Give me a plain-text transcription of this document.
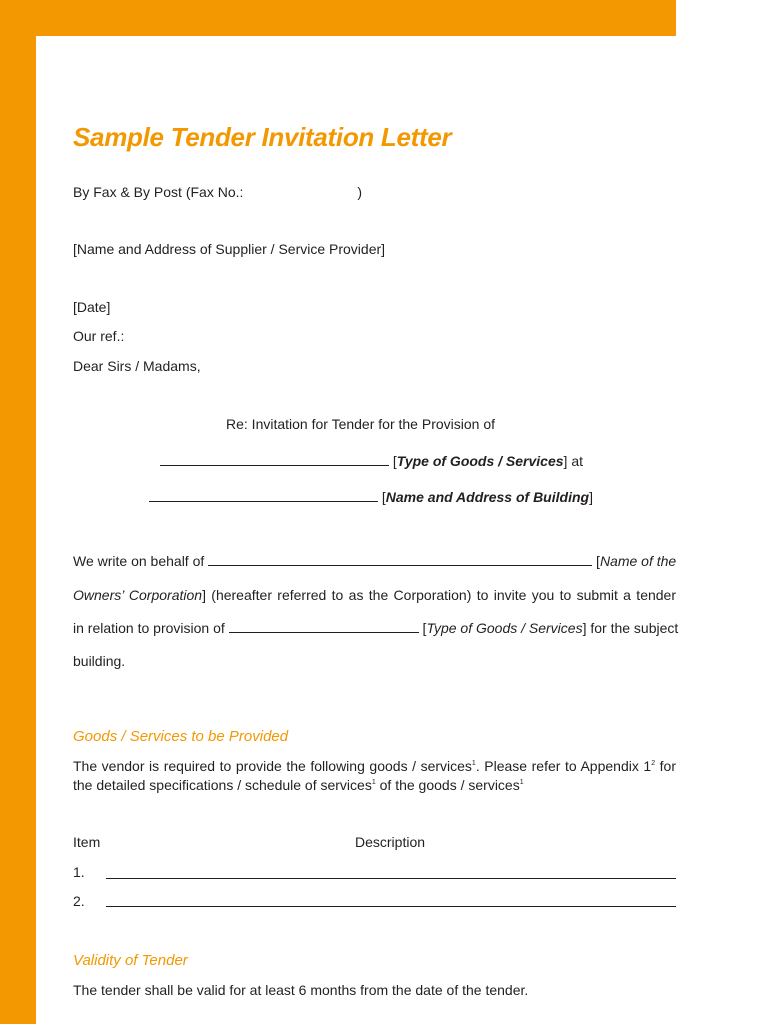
Sample Tender Invitation Letter
By Fax & By Post (Fax No.:	)
[Name and Address of Supplier / Service Provider]
[Date]
Our ref.:
Dear Sirs / Madams,
Re: Invitation for Tender for the Provision of
[Type of Goods / Services] at
[Name and Address of Building]
We write on behalf of	[Name of the
Owners’ Corporation] (hereafter referred to as the Corporation) to invite you to submit a tender
in relation to provision of	[Type of Goods / Services] for the subject
building.
Goods / Services to be Provided
The vendor is required to provide the following goods / services$^1$. Please refer to Appendix $1^2$ for
the detailed specifications / schedule of services$^1$ of the goods / services$^1$
Item	Description
1.
2.
Validity of Tender
The tender shall be valid for at least 6 months from the date of the tender.
